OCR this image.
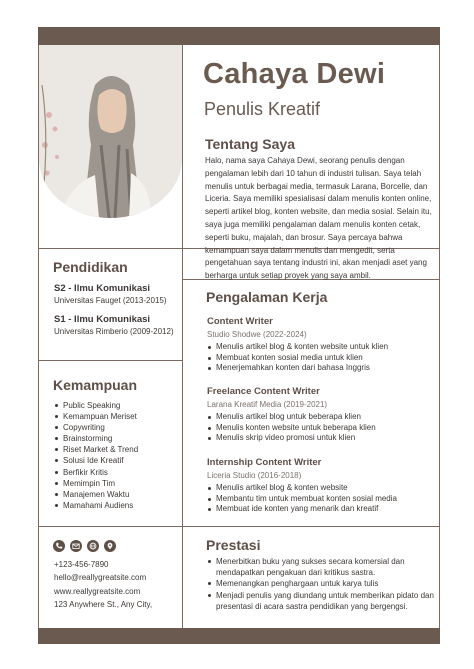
Cahaya Dewi
Penulis Kreatif
Tentang Saya
Halo, nama saya Cahaya Dewi, seorang penulis dengan pengalaman lebih dari 10 tahun di industri tulisan. Saya telah menulis untuk berbagai media, termasuk Larana, Borcelle, dan Liceria. Saya memiliki spesialisasi dalam menulis konten online, seperti artikel blog, konten website, dan media sosial. Selain itu, saya juga memiliki pengalaman dalam menulis konten cetak, seperti buku, majalah, dan brosur. Saya percaya bahwa kemampuan saya dalam menulis dan mengedit, serta pengetahuan saya tentang industri ini, akan menjadi aset yang berharga untuk setiap proyek yang saya ambil.
Pendidikan
S2 - Ilmu Komunikasi
Universitas Fauget (2013-2015)
S1 - Ilmu Komunikasi
Universitas Rimberio (2009-2012)
Kemampuan
Public Speaking
Kemampuan Meriset
Copywriting
Brainstorming
Riset Market & Trend
Solusi Ide Kreatif
Berfikir Kritis
Memimpin Tim
Manajemen Waktu
Mamahami Audiens
Pengalaman Kerja
Content Writer
Studio Shodwe (2022-2024)
Menulis artikel blog & konten website untuk klien
Membuat konten sosial media untuk klien
Menerjemahkan konten dari bahasa Inggris
Freelance Content Writer
Larana Kreatif Media (2019-2021)
Menulis artikel blog untuk beberapa klien
Menulis konten website untuk beberapa klien
Menulis skrip video promosi untuk klien
Internship Content Writer
Liceria Studio (2016-2018)
Menulis artikel blog & konten website
Membantu tim untuk membuat konten sosial media
Membuat ide konten yang menarik dan kreatif
+123-456-7890
hello@reallygreatsite.com
www.reallygreatsite.com
123 Anywhere St., Any City,
Prestasi
Menerbitkan buku yang sukses secara komersial dan mendapatkan pengakuan dari kritikus sastra.
Memenangkan penghargaan untuk karya tulis
Menjadi penulis yang diundang untuk memberikan pidato dan presentasi di acara sastra pendidikan yang bergengsi.
